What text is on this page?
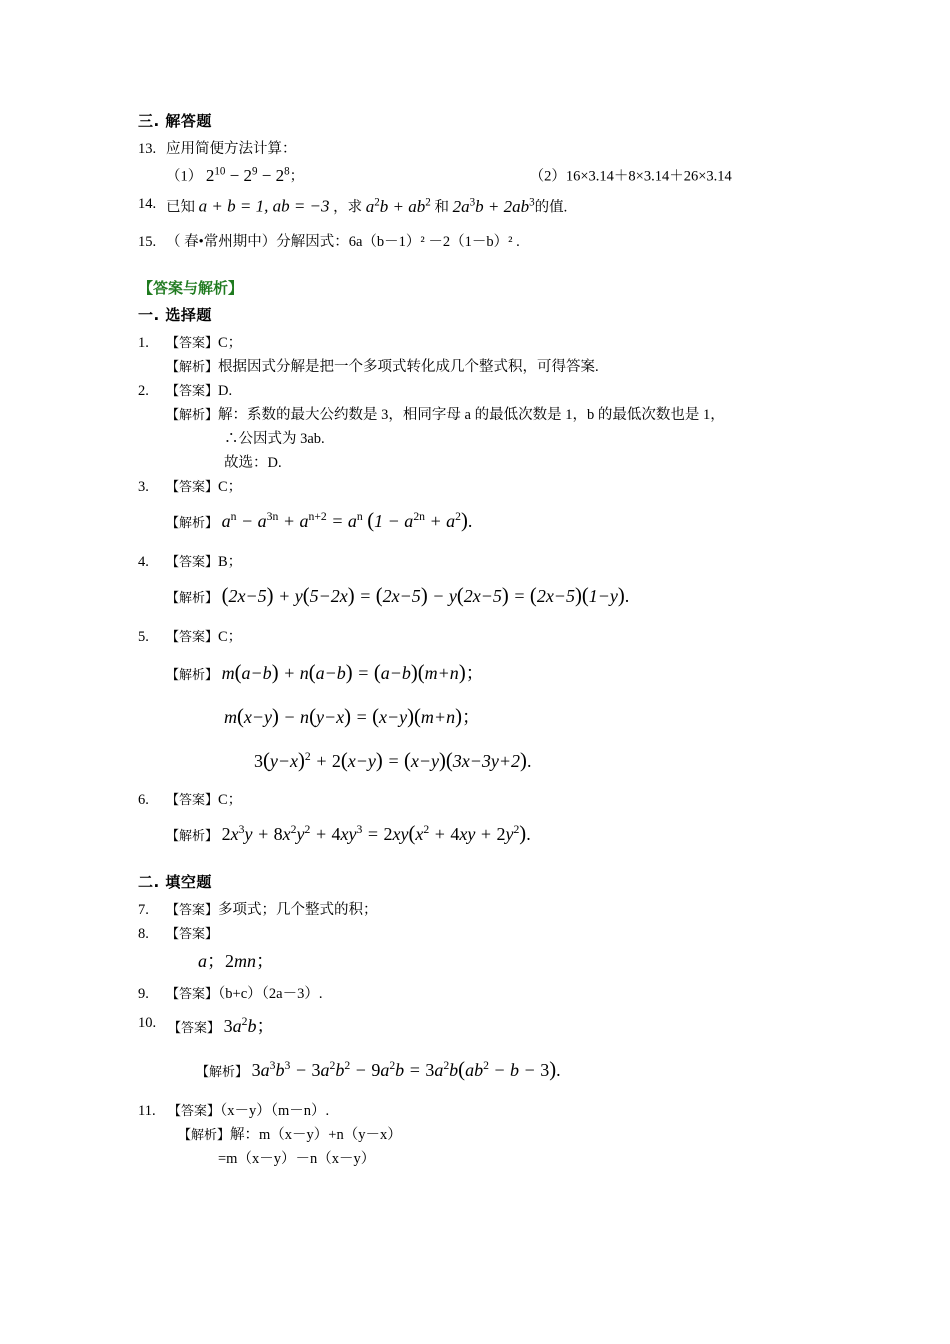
三. 解答题
13. 应用简便方法计算：
（1） $2^{10} - 2^9 - 2^8$；	（2）16×3.14＋8×3.14＋26×3.14
14. 已知 a + b = 1, ab = −3 ，求 $a^2b + ab^2$ 和 $2a^3b + 2ab^3$的值.
15. （ 春•常州期中）分解因式：6a（b－1）² －2（1－b）² .
【答案与解析】
一. 选择题
1.	【答案】C；
【解析】根据因式分解是把一个多项式转化成几个整式积，可得答案.
2.	【答案】D.
【解析】解：系数的最大公约数是 3，相同字母 a 的最低次数是 1，b 的最低次数也是 1，
∴公因式为 3ab.
故选：D.
3.	【答案】C；
【解析】 $a^n - a^{3n} + a^{n+2} = a^n$ $(1 - a^{2n} + a^2)$.
4.	【答案】B；
【解析】 (2x−5) + y(5−2x) = (2x−5) − y(2x−5) = (2x−5)(1−y).
5.	【答案】C；
【解析】 m(a−b) + n(a−b) = (a−b)(m+n)；
m(x−y) − n(y−x) = (x−y)(m+n)；
$3(y-x)^2 + 2(x-y) = (x-y)(3x-3y+2)$.
6.	【答案】C；
【解析】 $2x^3y + 8x^2y^2 + 4xy^3 = 2xy(x^2 + 4xy + 2y^2)$.
二. 填空题
7.	【答案】多项式；几个整式的积；
8.	【答案】
a；2mn；
9.	【答案】（b+c）（2a－3）.
10. 【答案】 $3a^2b$；
【解析】 $3a^3b^3 - 3a^2b^2 - 9a^2b = 3a^2b(ab^2 - b - 3)$.
11. 【答案】（x－y）（m－n）.
【解析】解：m（x－y）+n（y－x）
=m（x－y）－n（x－y）
